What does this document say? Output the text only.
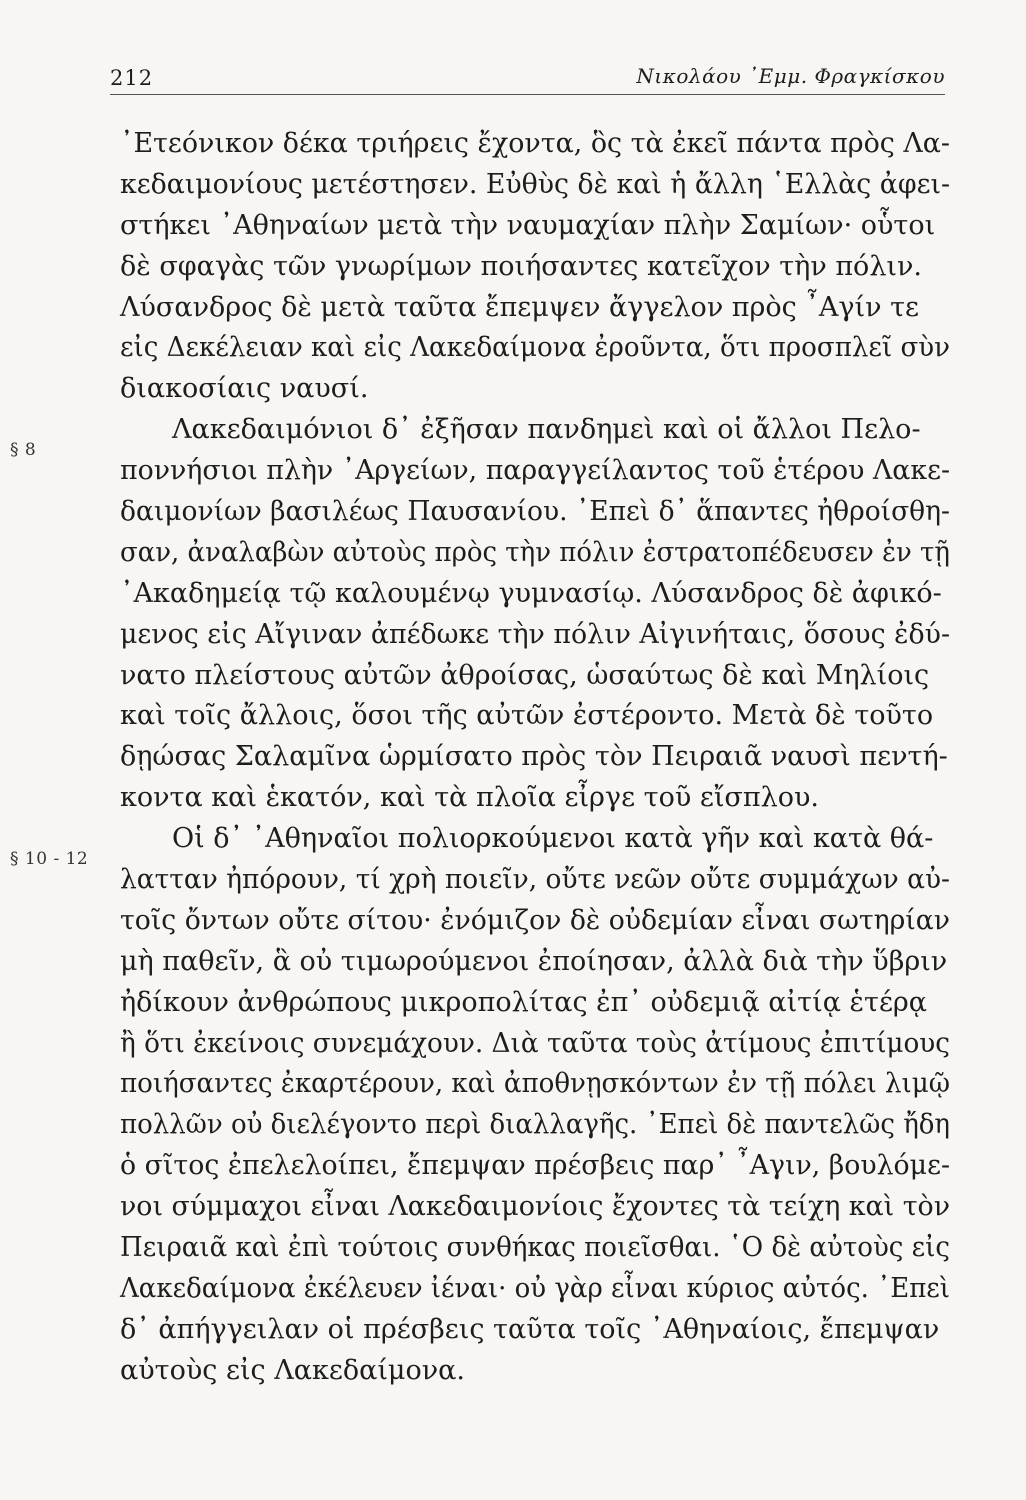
212	Νικολάου ᾿Εμμ. Φραγκίσκου
§ 8
§ 10 - 12
᾿Ετεόνικον δέκα τριήρεις ἔχοντα, ὃς τὰ ἐκεῖ πάντα πρὸς Λα-
κεδαιμονίους μετέστησεν. Εὐθὺς δὲ καὶ ἡ ἄλλη ῾Ελλὰς ἀφει-
στήκει ᾿Αθηναίων μετὰ τὴν ναυμαχίαν πλὴν Σαμίων· οὗτοι
δὲ σφαγὰς τῶν γνωρίμων ποιήσαντες κατεῖχον τὴν πόλιν.
Λύσανδρος δὲ μετὰ ταῦτα ἔπεμψεν ἄγγελον πρὸς ῏Αγίν τε
εἰς Δεκέλειαν καὶ εἰς Λακεδαίμονα ἐροῦντα, ὅτι προσπλεῖ σὺν
διακοσίαις ναυσί.
Λακεδαιμόνιοι δ᾿ ἐξῆσαν πανδημεὶ καὶ οἱ ἄλλοι Πελο-
ποννήσιοι πλὴν ᾿Αργείων, παραγγείλαντος τοῦ ἑτέρου Λακε-
δαιμονίων βασιλέως Παυσανίου. ᾿Επεὶ δ᾿ ἅπαντες ἠθροίσθη-
σαν, ἀναλαβὼν αὐτοὺς πρὸς τὴν πόλιν ἐστρατοπέδευσεν ἐν τῇ
᾿Ακαδημείᾳ τῷ καλουμένῳ γυμνασίῳ. Λύσανδρος δὲ ἀφικό-
μενος εἰς Αἴγιναν ἀπέδωκε τὴν πόλιν Αἰγινήταις, ὅσους ἐδύ-
νατο πλείστους αὐτῶν ἀθροίσας, ὡσαύτως δὲ καὶ Μηλίοις
καὶ τοῖς ἄλλοις, ὅσοι τῆς αὐτῶν ἐστέροντο. Μετὰ δὲ τοῦτο
δῃώσας Σαλαμῖνα ὡρμίσατο πρὸς τὸν Πειραιᾶ ναυσὶ πεντή-
κοντα καὶ ἑκατόν, καὶ τὰ πλοῖα εἶργε τοῦ εἴσπλου.
Οἱ δ᾿ ᾿Αθηναῖοι πολιορκούμενοι κατὰ γῆν καὶ κατὰ θά-
λατταν ἠπόρουν, τί χρὴ ποιεῖν, οὔτε νεῶν οὔτε συμμάχων αὐ-
τοῖς ὄντων οὔτε σίτου· ἐνόμιζον δὲ οὐδεμίαν εἶναι σωτηρίαν
μὴ παθεῖν, ἃ οὐ τιμωρούμενοι ἐποίησαν, ἀλλὰ διὰ τὴν ὕβριν
ἠδίκουν ἀνθρώπους μικροπολίτας ἐπ᾿ οὐδεμιᾷ αἰτίᾳ ἑτέρᾳ
ἢ ὅτι ἐκείνοις συνεμάχουν. Διὰ ταῦτα τοὺς ἀτίμους ἐπιτίμους
ποιήσαντες ἐκαρτέρουν, καὶ ἀποθνῃσκόντων ἐν τῇ πόλει λιμῷ
πολλῶν οὐ διελέγοντο περὶ διαλλαγῆς. ᾿Επεὶ δὲ παντελῶς ἤδη
ὁ σῖτος ἐπελελοίπει, ἔπεμψαν πρέσβεις παρ᾿ ῏Αγιν, βουλόμε-
νοι σύμμαχοι εἶναι Λακεδαιμονίοις ἔχοντες τὰ τείχη καὶ τὸν
Πειραιᾶ καὶ ἐπὶ τούτοις συνθήκας ποιεῖσθαι. ῾Ο δὲ αὐτοὺς εἰς
Λακεδαίμονα ἐκέλευεν ἰέναι· οὐ γὰρ εἶναι κύριος αὐτός. ᾿Επεὶ
δ᾿ ἀπήγγειλαν οἱ πρέσβεις ταῦτα τοῖς ᾿Αθηναίοις, ἔπεμψαν
αὐτοὺς εἰς Λακεδαίμονα.
